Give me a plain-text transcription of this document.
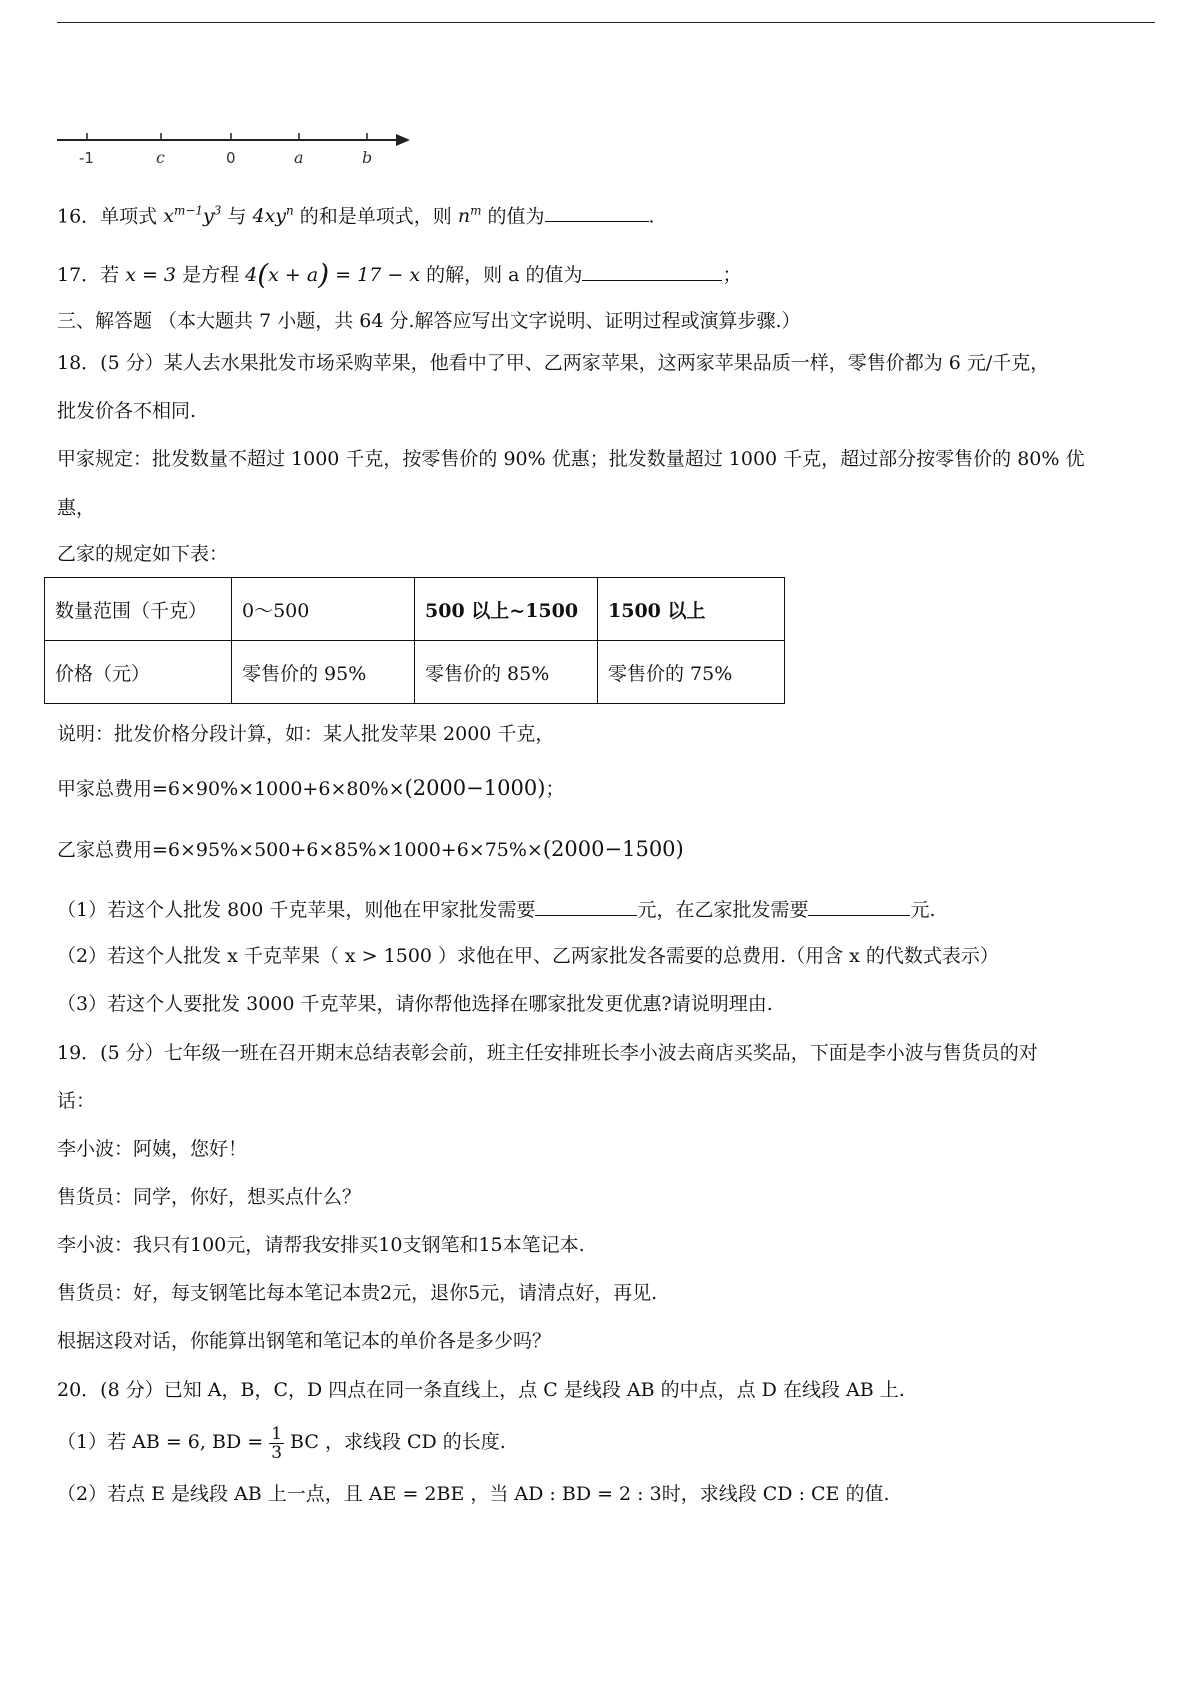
-1	c	0	a	b
16．单项式 $x^{m-1}y^3$ 与 $4xy^n$ 的和是单项式，则 $n^m$ 的值为	.
17．若 x = 3 是方程 4(x + a) = 17 − x 的解，则 a 的值为	；
三、解答题 （本大题共 7 小题，共 64 分.解答应写出文字说明、证明过程或演算步骤.）
18．(5 分）某人去水果批发市场采购苹果，他看中了甲、乙两家苹果，这两家苹果品质一样，零售价都为 6 元/千克，
批发价各不相同.
甲家规定：批发数量不超过 1000 千克，按零售价的 90% 优惠；批发数量超过 1000 千克，超过部分按零售价的 80% 优
惠，
乙家的规定如下表：
数量范围（千克）	0～500	500 以上~1500	1500 以上
价格（元）	零售价的 95%	零售价的 85%	零售价的 75%
说明：批发价格分段计算，如：某人批发苹果 2000 千克，
甲家总费用=6×90%×1000+6×80%×(2000−1000)；
乙家总费用=6×95%×500+6×85%×1000+6×75%×(2000−1500)
（1）若这个人批发 800 千克苹果，则他在甲家批发需要	元，在乙家批发需要	元.
（2）若这个人批发 x 千克苹果（ x > 1500 ）求他在甲、乙两家批发各需要的总费用.（用含 x 的代数式表示）
（3）若这个人要批发 3000 千克苹果，请你帮他选择在哪家批发更优惠?请说明理由.
19．(5 分）七年级一班在召开期末总结表彰会前，班主任安排班长李小波去商店买奖品，下面是李小波与售货员的对
话：
李小波：阿姨，您好！
售货员：同学，你好，想买点什么？
李小波：我只有100元，请帮我安排买10支钢笔和15本笔记本.
售货员：好，每支钢笔比每本笔记本贵2元，退你5元，请清点好，再见.
根据这段对话，你能算出钢笔和笔记本的单价各是多少吗？
20．(8 分）已知 A，B，C，D 四点在同一条直线上，点 C 是线段 AB 的中点，点 D 在线段 AB 上.
（1）若 AB = 6, BD = $\frac{1}{3}$ BC ，求线段 CD 的长度.
（2）若点 E 是线段 AB 上一点，且 AE = 2BE ，当 AD : BD = 2 : 3时，求线段 CD : CE 的值.
